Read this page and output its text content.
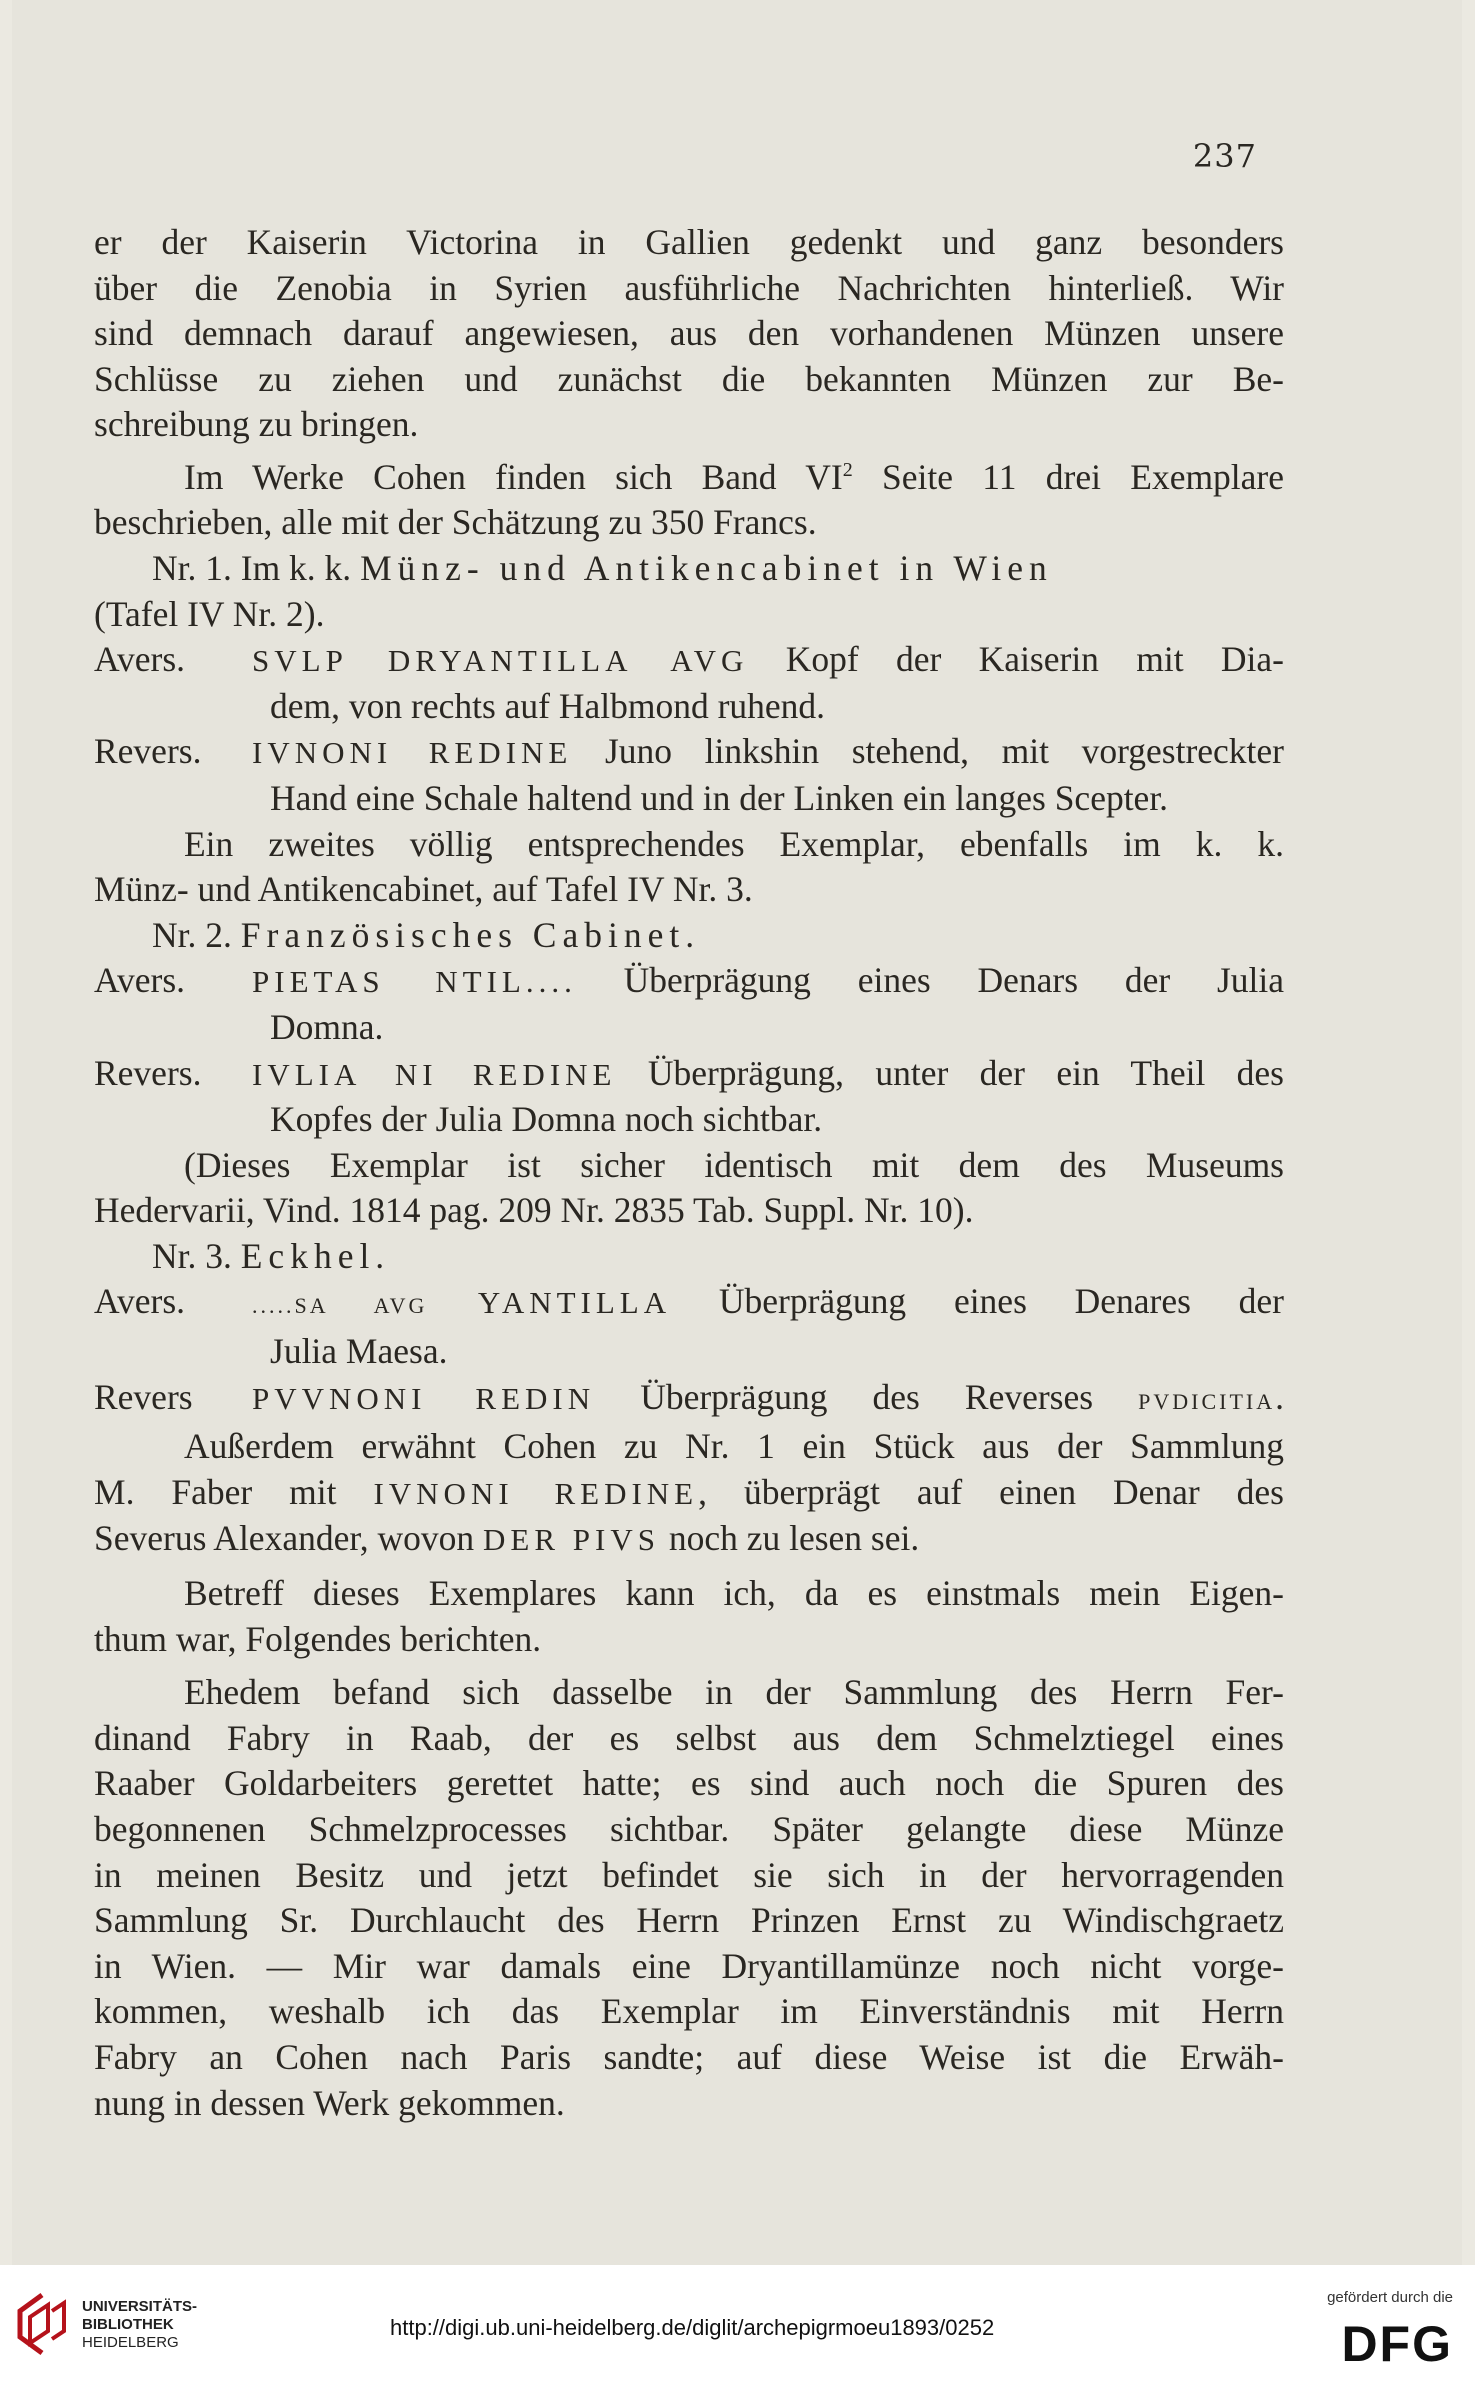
237
er der Kaiserin Victorina in Gallien gedenkt und ganz besonders
über die Zenobia in Syrien ausführliche Nachrichten hinterließ. Wir
sind demnach darauf angewiesen, aus den vorhandenen Münzen unsere
Schlüsse zu ziehen und zunächst die bekannten Münzen zur Be-
schreibung zu bringen.
Im Werke Cohen finden sich Band $VI^2$ Seite 11 drei Exemplare
beschrieben, alle mit der Schätzung zu 350 Francs.
Nr. 1. Im k. k. Münz- und Antikencabinet in Wien
(Tafel IV Nr. 2).
Avers.	SVLP DRYANTILLA AVG Kopf der Kaiserin mit Dia-
dem, von rechts auf Halbmond ruhend.
Revers.	IVNONI REDINE Juno linkshin stehend, mit vorgestreckter
Hand eine Schale haltend und in der Linken ein langes Scepter.
Ein zweites völlig entsprechendes Exemplar, ebenfalls im k. k.
Münz- und Antikencabinet, auf Tafel IV Nr. 3.
Nr. 2. Französisches Cabinet.
Avers.	PIETAS NTIL.... Überprägung eines Denars der Julia
Domna.
Revers.	IVLIA NI REDINE Überprägung, unter der ein Theil des
Kopfes der Julia Domna noch sichtbar.
(Dieses Exemplar ist sicher identisch mit dem des Museums
Hedervarii, Vind. 1814 pag. 209 Nr. 2835 Tab. Suppl. Nr. 10).
Nr. 3. Eckhel.
Avers.	.....SA AVG YANTILLA Überprägung eines Denares der
Julia Maesa.
Revers	PVVNONI REDIN Überprägung des Reverses PVDICITIA.
Außerdem erwähnt Cohen zu Nr. 1 ein Stück aus der Sammlung
M. Faber mit IVNONI REDINE, überprägt auf einen Denar des
Severus Alexander, wovon DER PIVS noch zu lesen sei.
Betreff dieses Exemplares kann ich, da es einstmals mein Eigen-
thum war, Folgendes berichten.
Ehedem befand sich dasselbe in der Sammlung des Herrn Fer-
dinand Fabry in Raab, der es selbst aus dem Schmelztiegel eines
Raaber Goldarbeiters gerettet hatte; es sind auch noch die Spuren des
begonnenen Schmelzprocesses sichtbar. Später gelangte diese Münze
in meinen Besitz und jetzt befindet sie sich in der hervorragenden
Sammlung Sr. Durchlaucht des Herrn Prinzen Ernst zu Windischgraetz
in Wien. — Mir war damals eine Dryantillamünze noch nicht vorge-
kommen, weshalb ich das Exemplar im Einverständnis mit Herrn
Fabry an Cohen nach Paris sandte; auf diese Weise ist die Erwäh-
nung in dessen Werk gekommen.
UNIVERSITÄTS-
BIBLIOTHEK
HEIDELBERG
http://digi.ub.uni-heidelberg.de/diglit/archepigrmoeu1893/0252
gefördert durch die
DFG
